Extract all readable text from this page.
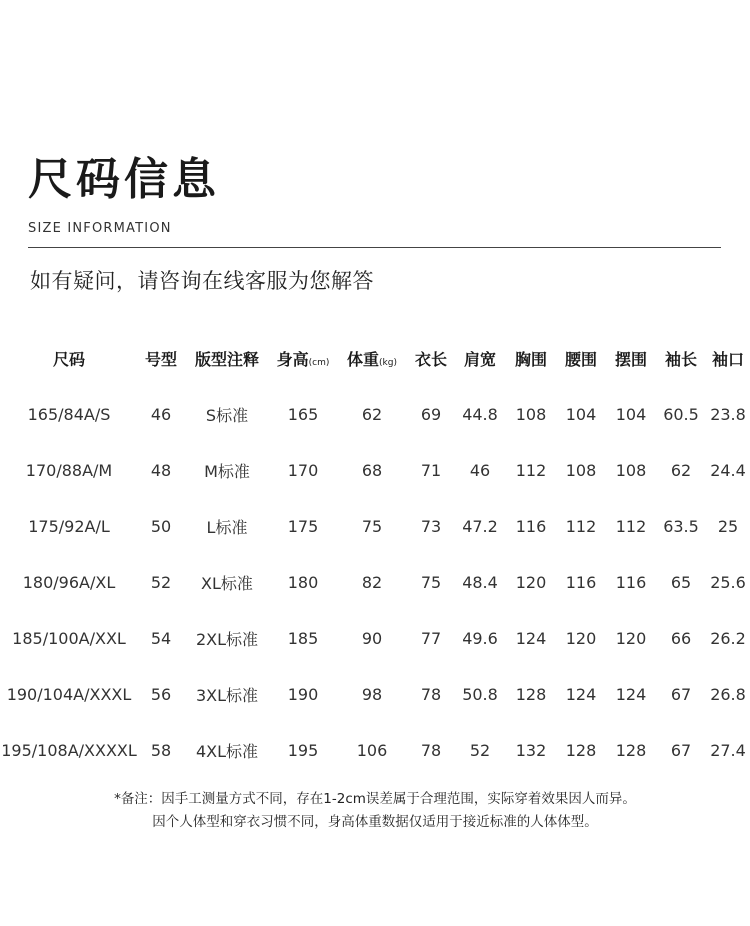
尺码信息
SIZE INFORMATION
如有疑问，请咨询在线客服为您解答
尺码	号型	版型注释	身高(cm)	体重(kg)	衣长	肩宽	胸围	腰围	摆围	袖长	袖口
165/84A/S	46	S标准	165	62	69	44.8	108	104	104	60.5	23.8
170/88A/M	48	M标准	170	68	71	46	112	108	108	62	24.4
175/92A/L	50	L标准	175	75	73	47.2	116	112	112	63.5	25
180/96A/XL	52	XL标准	180	82	75	48.4	120	116	116	65	25.6
185/100A/XXL	54	2XL标准	185	90	77	49.6	124	120	120	66	26.2
190/104A/XXXL	56	3XL标准	190	98	78	50.8	128	124	124	67	26.8
195/108A/XXXXL	58	4XL标准	195	106	78	52	132	128	128	67	27.4
*备注：因手工测量方式不同，存在1-2cm误差属于合理范围，实际穿着效果因人而异。
因个人体型和穿衣习惯不同，身高体重数据仅适用于接近标准的人体体型。
